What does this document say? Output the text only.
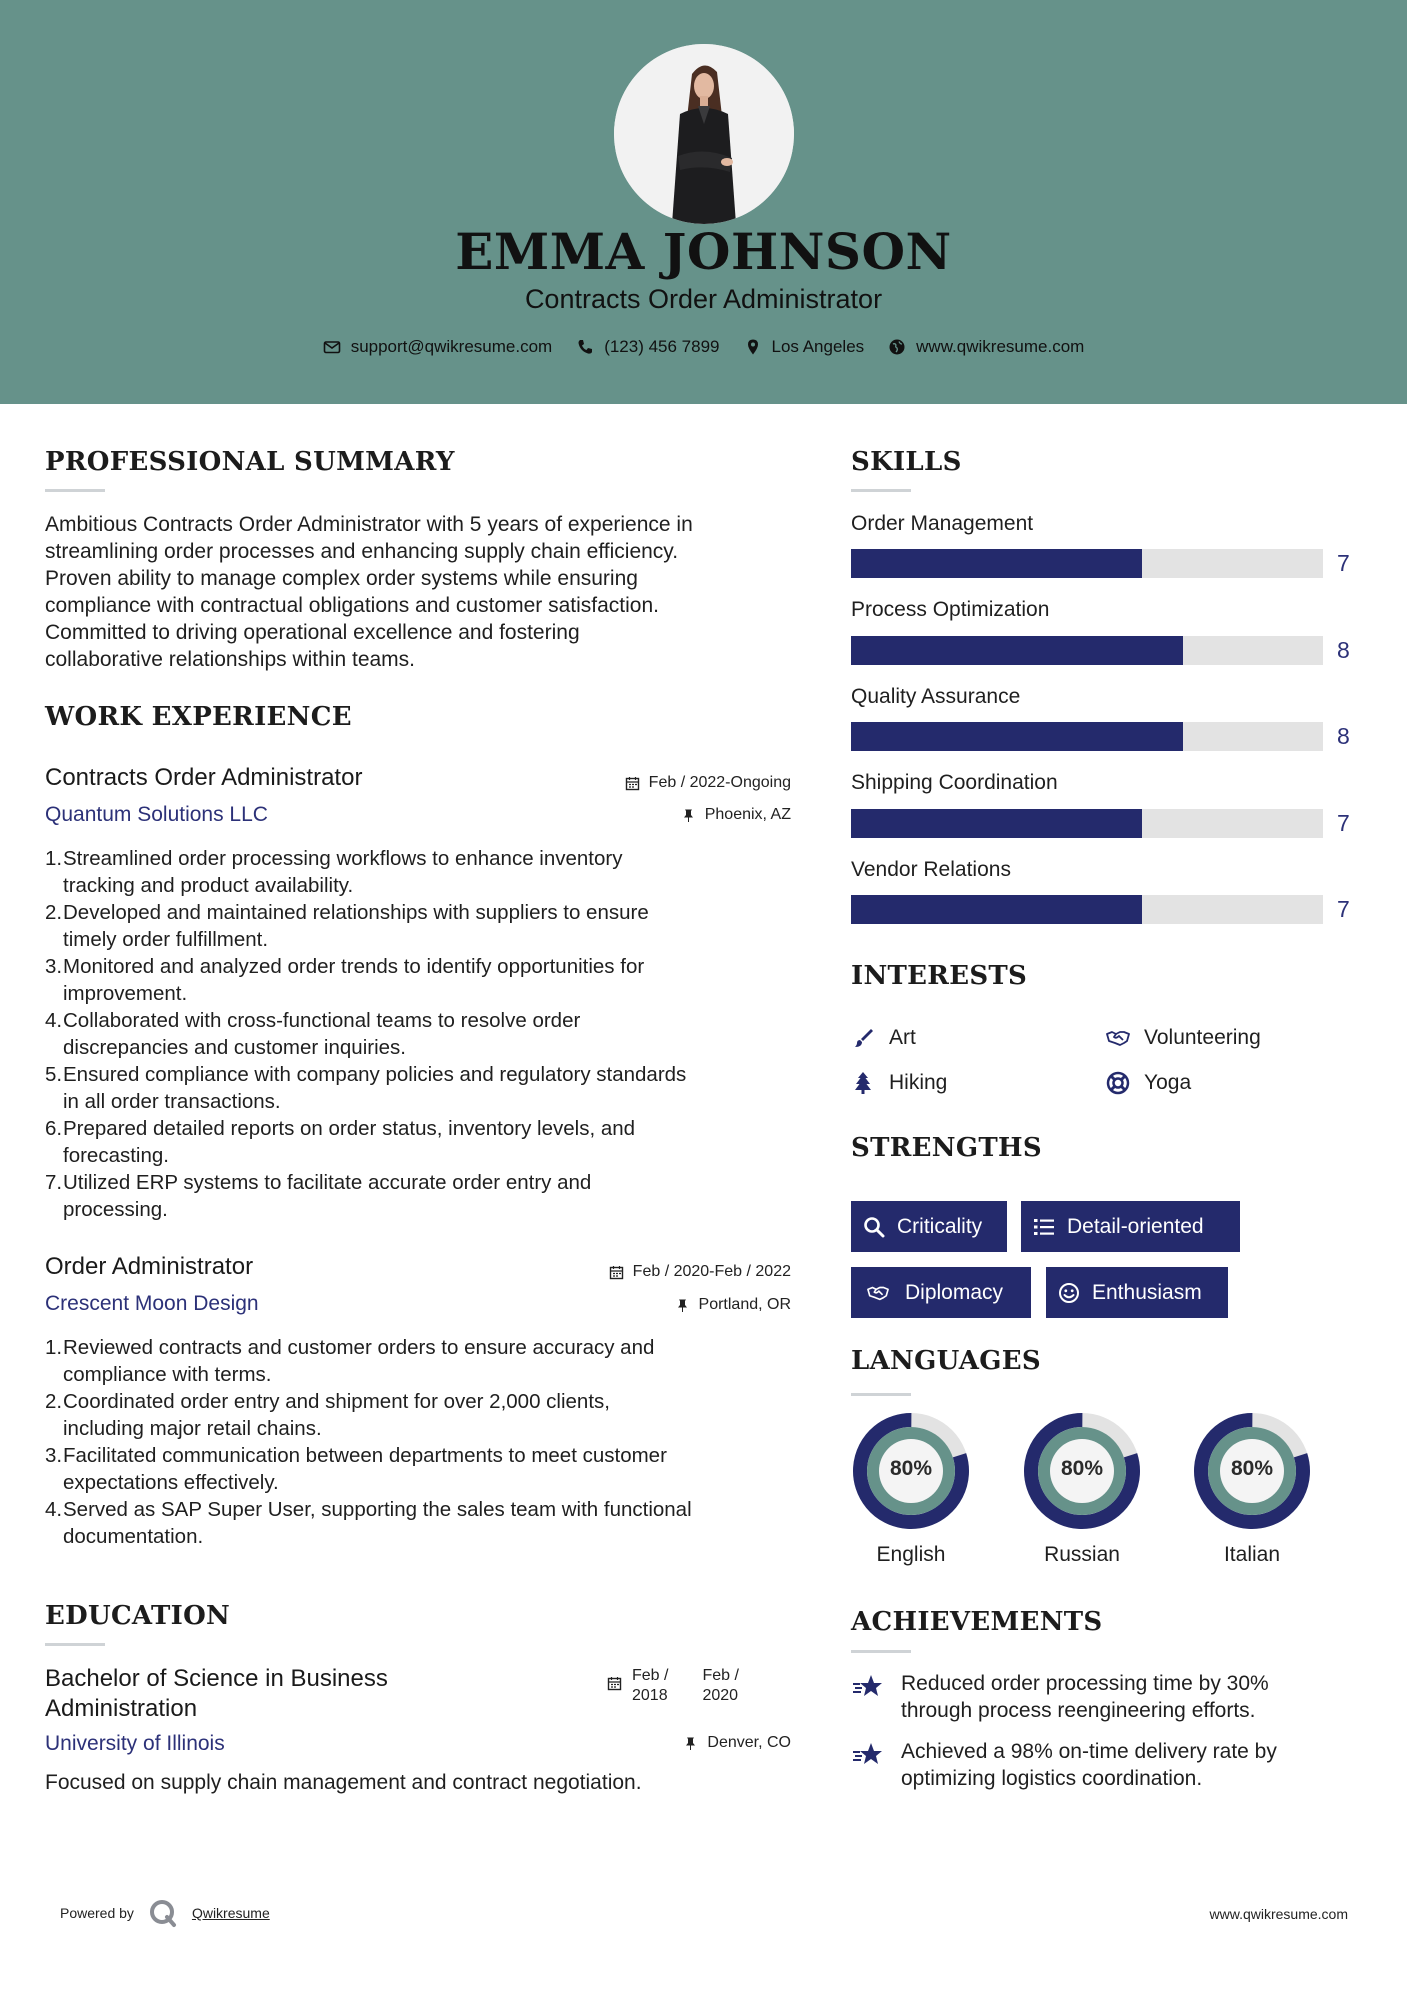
EMMA JOHNSON
Contracts Order Administrator
support@qwikresume.com	(123) 456 7899	Los Angeles	www.qwikresume.com
PROFESSIONAL SUMMARY
Ambitious Contracts Order Administrator with 5 years of experience in
streamlining order processes and enhancing supply chain efficiency.
Proven ability to manage complex order systems while ensuring
compliance with contractual obligations and customer satisfaction.
Committed to driving operational excellence and fostering
collaborative relationships within teams.
WORK EXPERIENCE
Contracts Order Administrator	Feb / 2022-Ongoing
Quantum Solutions LLC	Phoenix, AZ
1. Streamlined order processing workflows to enhance inventory
tracking and product availability.
2. Developed and maintained relationships with suppliers to ensure
timely order fulfillment.
3. Monitored and analyzed order trends to identify opportunities for
improvement.
4. Collaborated with cross-functional teams to resolve order
discrepancies and customer inquiries.
5. Ensured compliance with company policies and regulatory standards
in all order transactions.
6. Prepared detailed reports on order status, inventory levels, and
forecasting.
7. Utilized ERP systems to facilitate accurate order entry and
processing.
Order Administrator	Feb / 2020-Feb / 2022
Crescent Moon Design	Portland, OR
1. Reviewed contracts and customer orders to ensure accuracy and
compliance with terms.
2. Coordinated order entry and shipment for over 2,000 clients,
including major retail chains.
3. Facilitated communication between departments to meet customer
expectations effectively.
4. Served as SAP Super User, supporting the sales team with functional
documentation.
EDUCATION
Bachelor of Science in Business
Administration
Feb /
2018
Feb /
2020
University of Illinois	Denver, CO
Focused on supply chain management and contract negotiation.
SKILLS
Order Management
7
Process Optimization
8
Quality Assurance
8
Shipping Coordination
7
Vendor Relations
7
INTERESTS
Art	Volunteering
Hiking	Yoga
STRENGTHS
Criticality	Detail-oriented
Diplomacy	Enthusiasm
LANGUAGES
80%
English
80%
Russian
80%
Italian
ACHIEVEMENTS
Reduced order processing time by 30%
through process reengineering efforts.
Achieved a 98% on-time delivery rate by
optimizing logistics coordination.
Powered by	Qwikresume	www.qwikresume.com
